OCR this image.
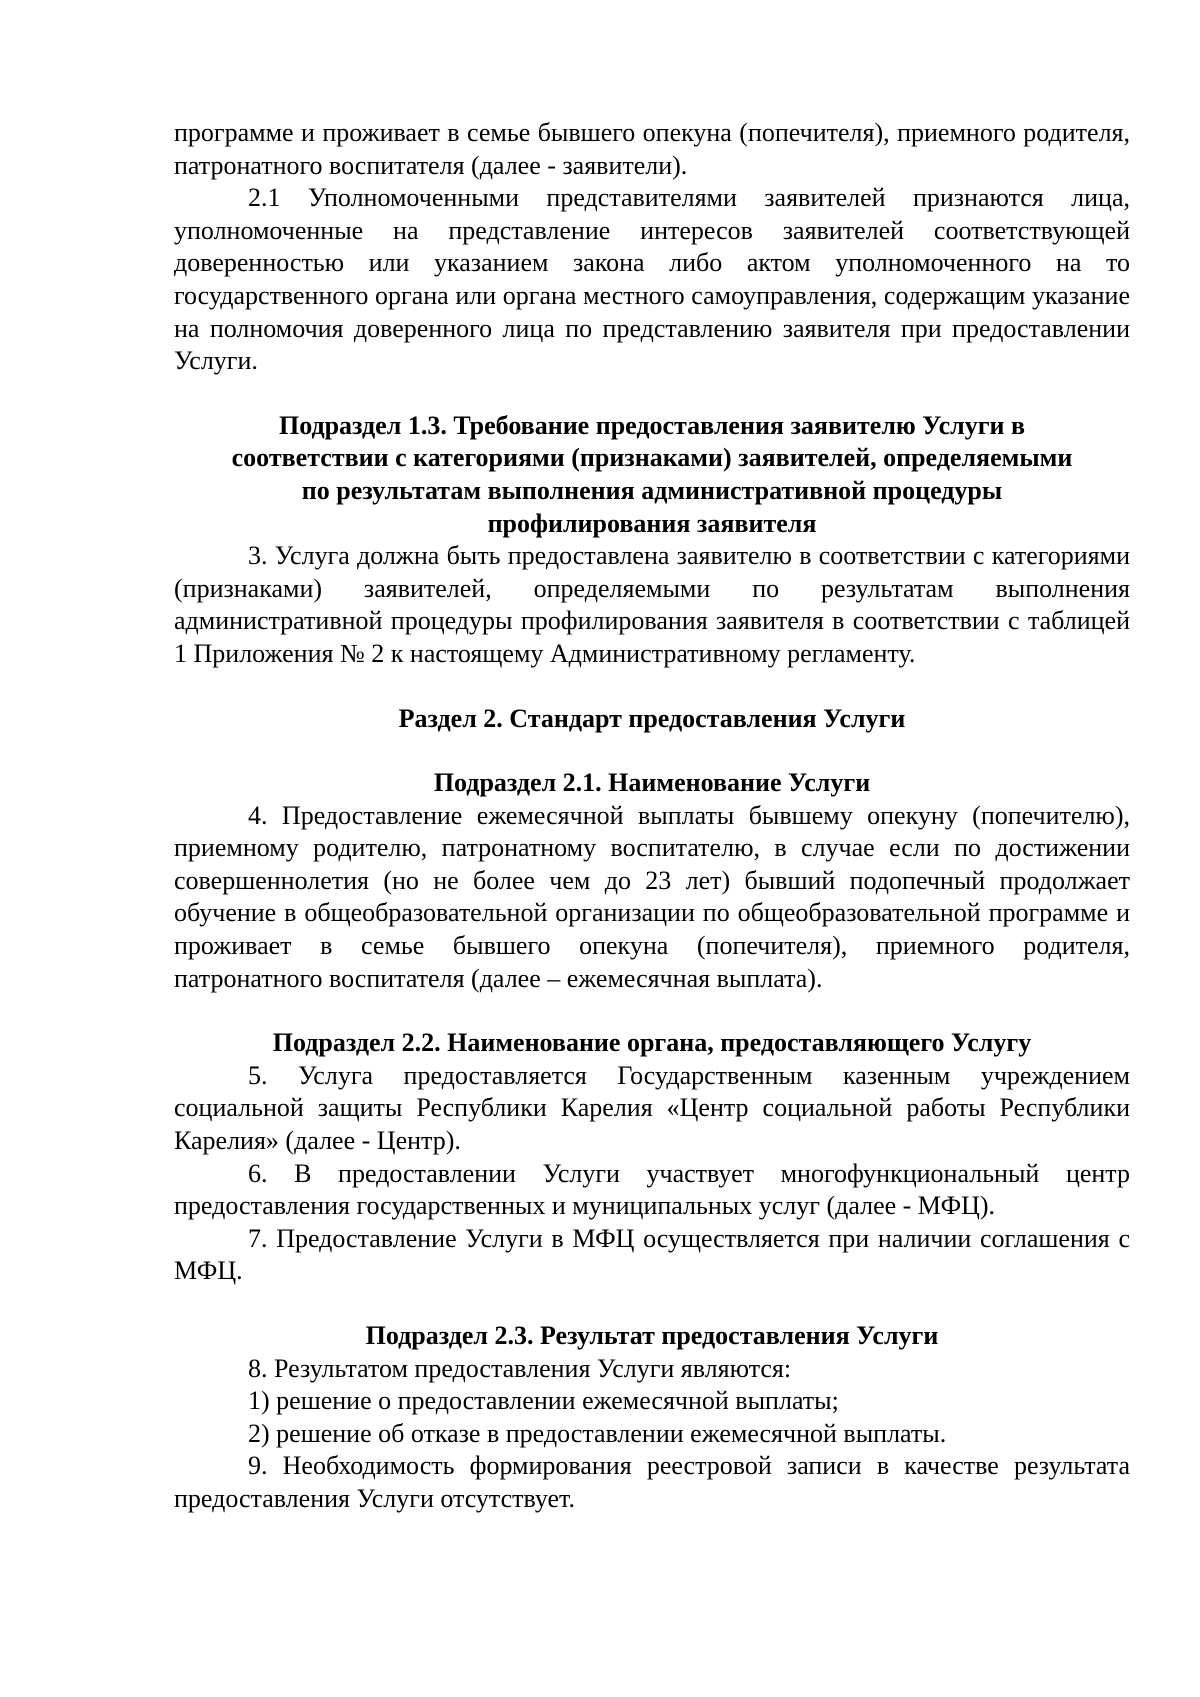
программе и проживает в семье бывшего опекуна (попечителя), приемного родителя, патронатного воспитателя (далее - заявители).

2.1 Уполномоченными представителями заявителей признаются лица, уполномоченные на представление интересов заявителей соответствующей доверенностью или указанием закона либо актом уполномоченного на то государственного органа или органа местного самоуправления, содержащим указание на полномочия доверенного лица по представлению заявителя при предоставлении Услуги.

Подраздел 1.3. Требование предоставления заявителю Услуги в
соответствии с категориями (признаками) заявителей, определяемыми
по результатам выполнения административной процедуры
профилирования заявителя

3. Услуга должна быть предоставлена заявителю в соответствии с категориями (признаками) заявителей, определяемыми по результатам выполнения административной процедуры профилирования заявителя в соответствии с таблицей 1 Приложения № 2 к настоящему Административному регламенту.

Раздел 2. Стандарт предоставления Услуги

Подраздел 2.1. Наименование Услуги

4. Предоставление ежемесячной выплаты бывшему опекуну (попечителю), приемному родителю, патронатному воспитателю, в случае если по достижении совершеннолетия (но не более чем до 23 лет) бывший подопечный продолжает обучение в общеобразовательной организации по общеобразовательной программе и проживает в семье бывшего опекуна (попечителя), приемного родителя, патронатного воспитателя (далее – ежемесячная выплата).

Подраздел 2.2. Наименование органа, предоставляющего Услугу

5. Услуга предоставляется Государственным казенным учреждением социальной защиты Республики Карелия «Центр социальной работы Республики Карелия» (далее - Центр).

6. В предоставлении Услуги участвует многофункциональный центр предоставления государственных и муниципальных услуг (далее - МФЦ).

7. Предоставление Услуги в МФЦ осуществляется при наличии соглашения с МФЦ.

Подраздел 2.3. Результат предоставления Услуги

8. Результатом предоставления Услуги являются:

1) решение о предоставлении ежемесячной выплаты;

2) решение об отказе в предоставлении ежемесячной выплаты.

9. Необходимость формирования реестровой записи в качестве результата предоставления Услуги отсутствует.
